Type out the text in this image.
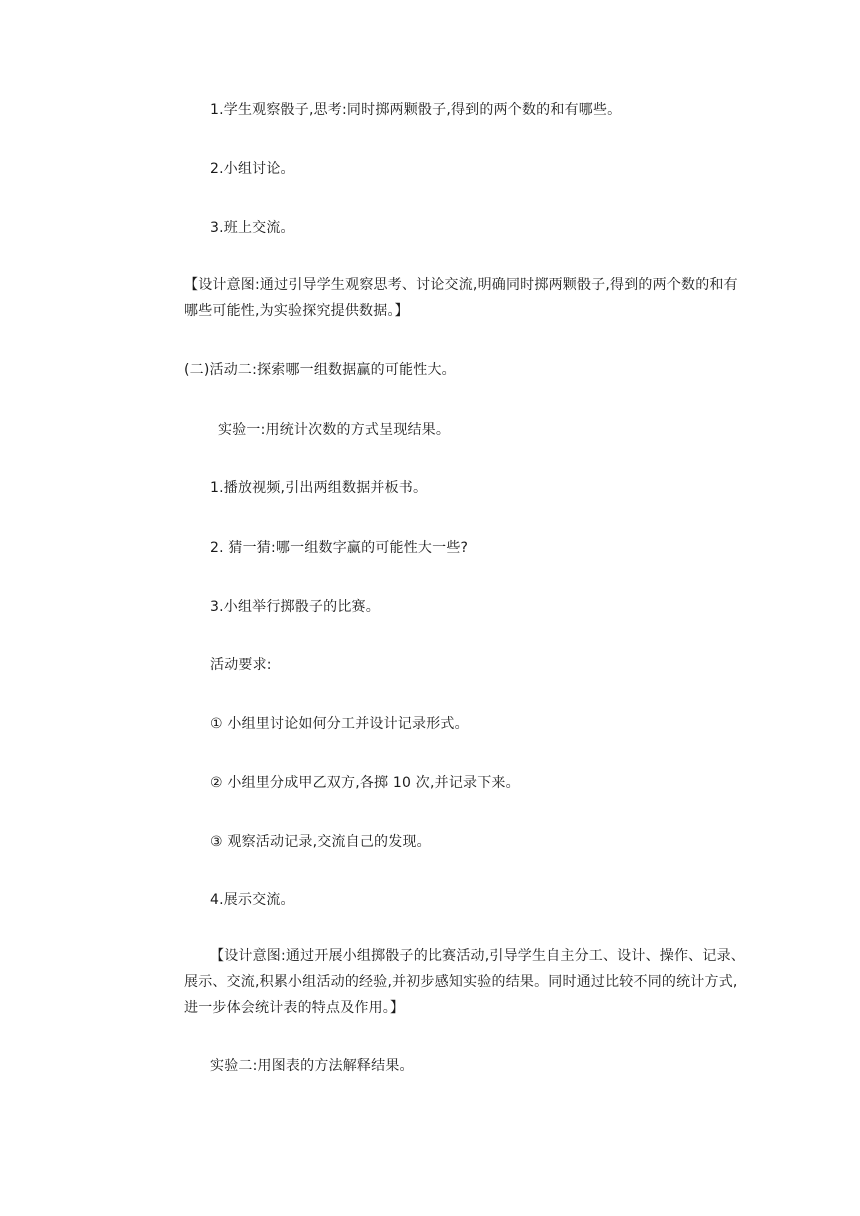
1.学生观察骰子,思考:同时掷两颗骰子,得到的两个数的和有哪些。
2.小组讨论。
3.班上交流。
【设计意图:通过引导学生观察思考、讨论交流,明确同时掷两颗骰子,得到的两个数的和有
哪些可能性,为实验探究提供数据。】
(二)活动二:探索哪一组数据赢的可能性大。
实验一:用统计次数的方式呈现结果。
1.播放视频,引出两组数据并板书。
2. 猜一猜:哪一组数字赢的可能性大一些?
3.小组举行掷骰子的比赛。
活动要求:
① 小组里讨论如何分工并设计记录形式。
② 小组里分成甲乙双方,各掷 10 次,并记录下来。
③ 观察活动记录,交流自己的发现。
4.展示交流。
【设计意图:通过开展小组掷骰子的比赛活动,引导学生自主分工、设计、操作、记录、
展示、交流,积累小组活动的经验,并初步感知实验的结果。同时通过比较不同的统计方式,
进一步体会统计表的特点及作用。】
实验二:用图表的方法解释结果。
